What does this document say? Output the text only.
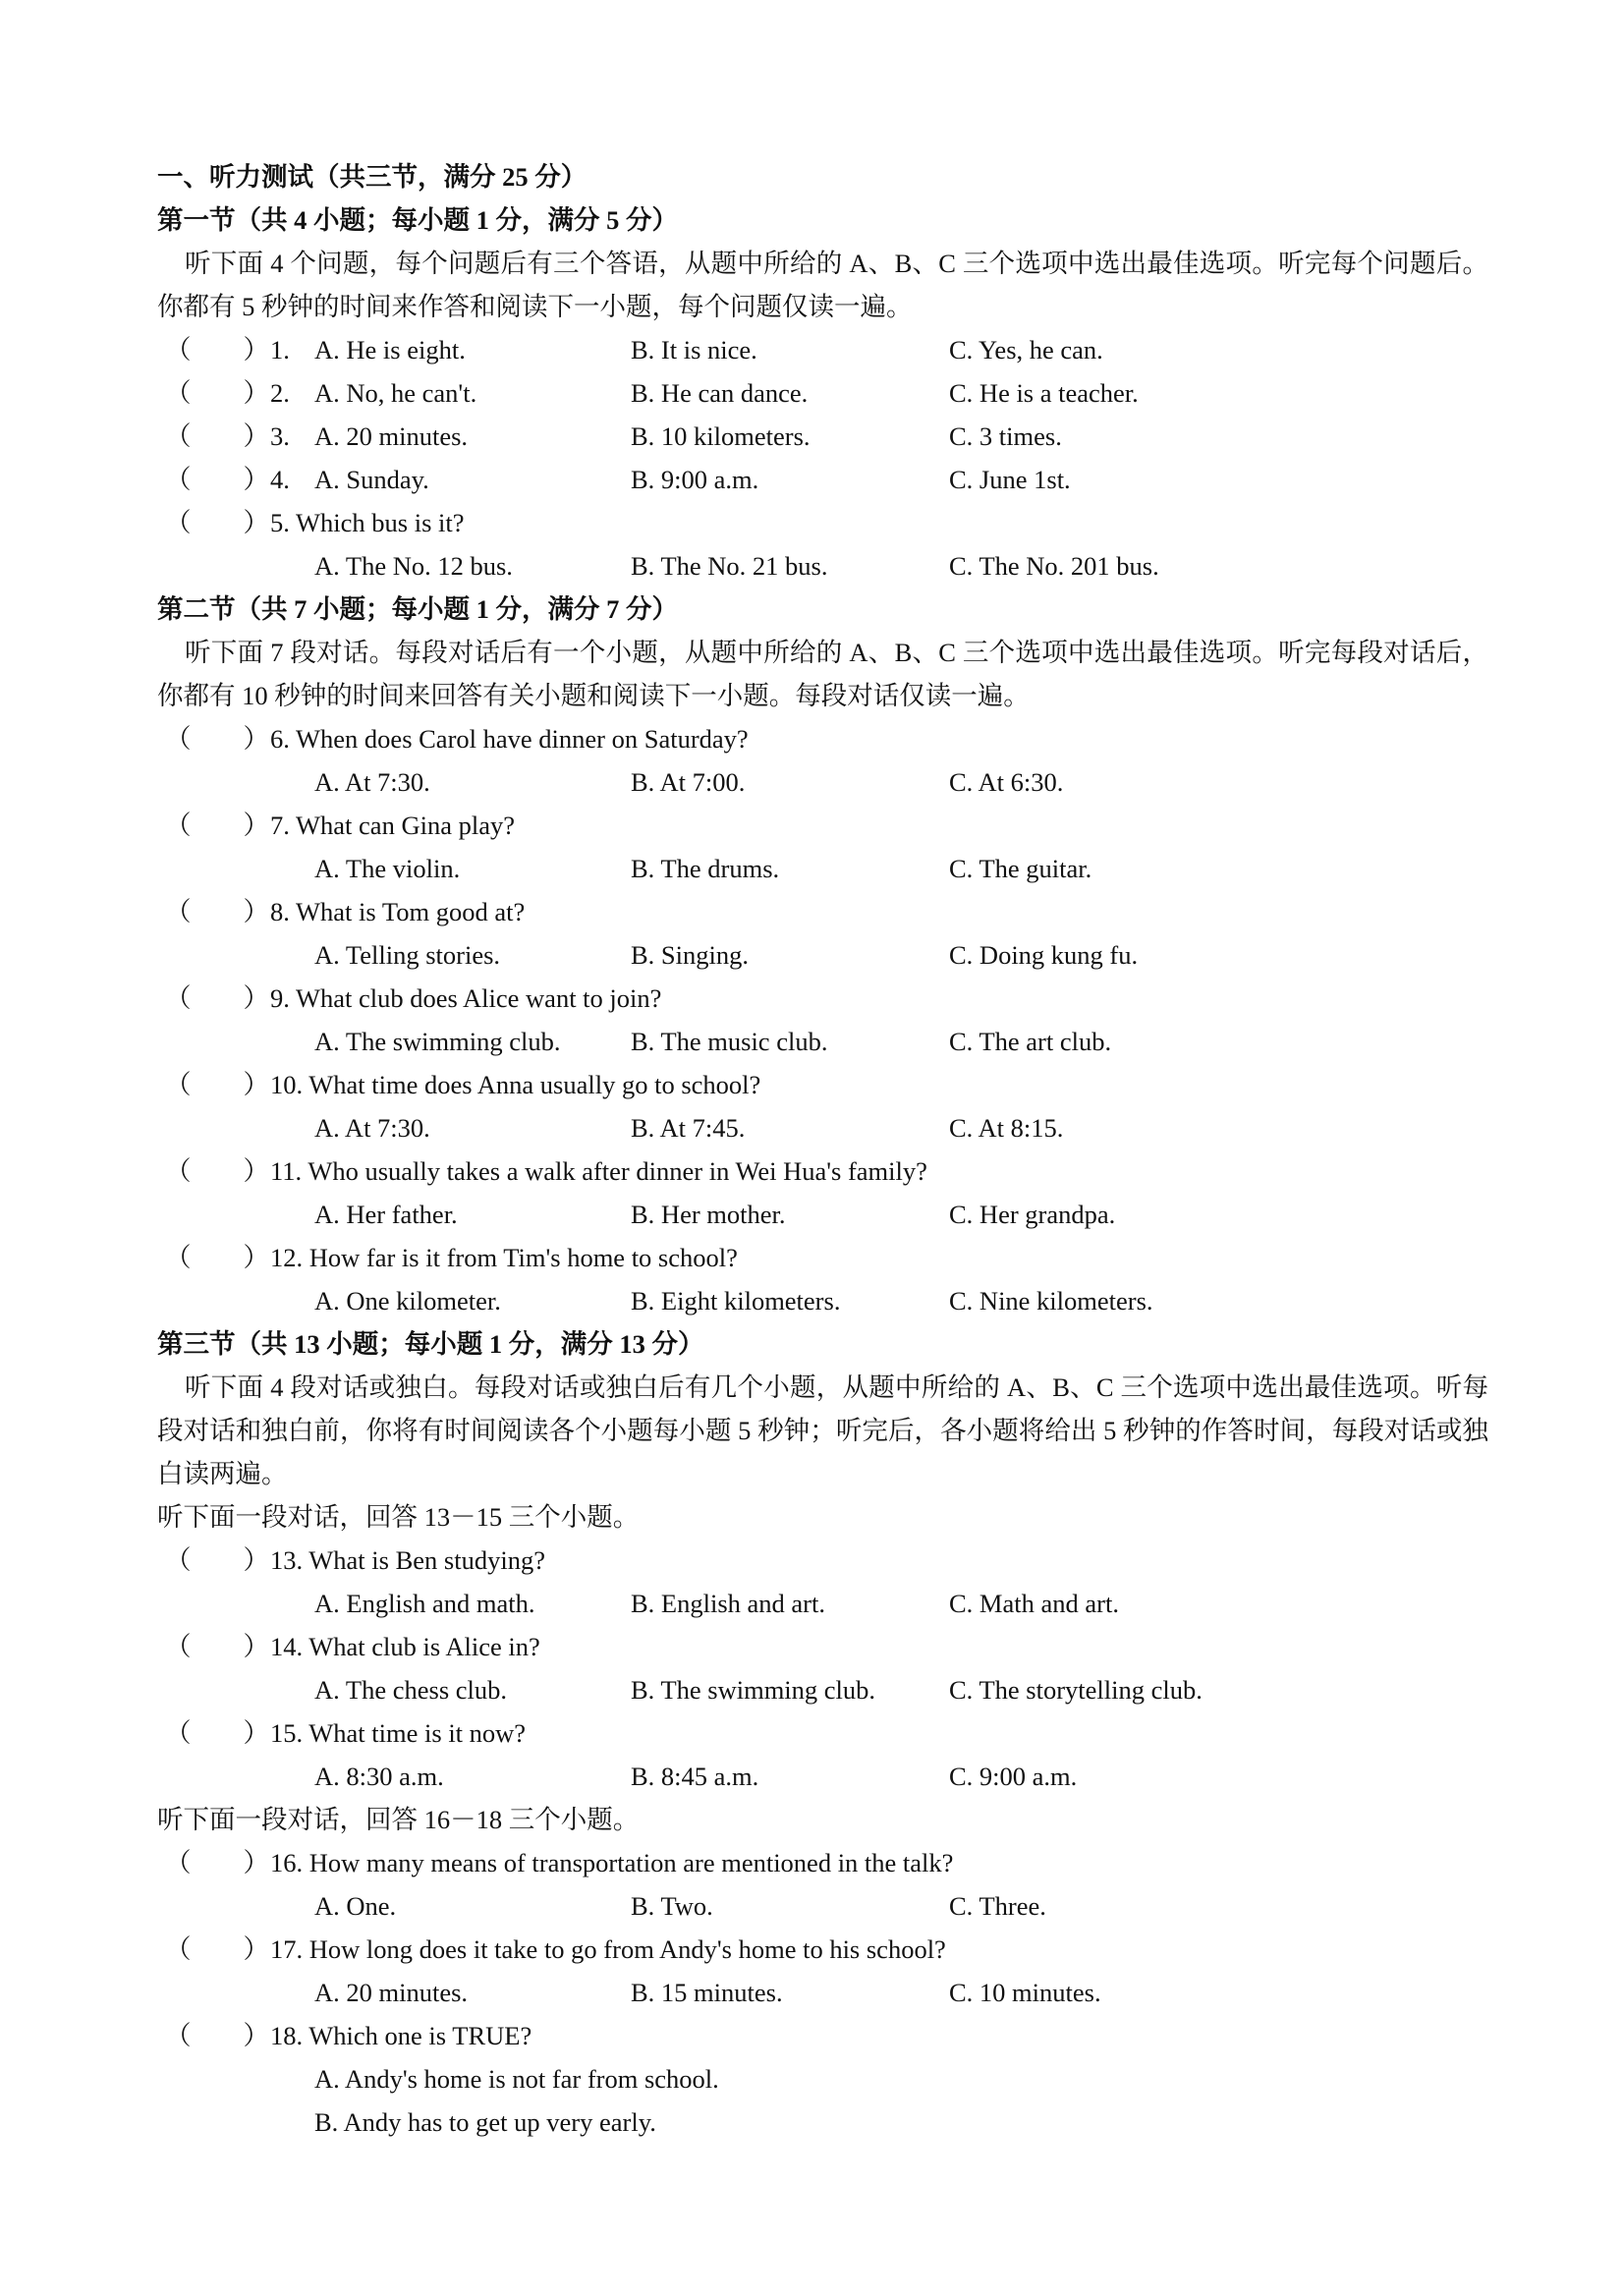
一、听力测试（共三节，满分 25 分）
第一节（共 4 小题；每小题 1 分，满分 5 分）
听下面 4 个问题，每个问题后有三个答语，从题中所给的 A、B、C 三个选项中选出最佳选项。听完每个问题后。你都有 5 秒钟的时间来作答和阅读下一小题，每个问题仅读一遍。
（　　） 1. A. He is eight.	B. It is nice.	C. Yes, he can.
（　　） 2. A. No, he can't.	B. He can dance.	C. He is a teacher.
（　　） 3. A. 20 minutes.	B. 10 kilometers.	C. 3 times.
（　　） 4. A. Sunday.	B. 9:00 a.m.	C. June 1st.
（　　） 5. Which bus is it?
A. The No. 12 bus.	B. The No. 21 bus.	C. The No. 201 bus.
第二节（共 7 小题；每小题 1 分，满分 7 分）
听下面 7 段对话。每段对话后有一个小题，从题中所给的 A、B、C 三个选项中选出最佳选项。听完每段对话后，你都有 10 秒钟的时间来回答有关小题和阅读下一小题。每段对话仅读一遍。
（　　） 6. When does Carol have dinner on Saturday?
A. At 7:30.	B. At 7:00.	C. At 6:30.
（　　） 7. What can Gina play?
A. The violin.	B. The drums.	C. The guitar.
（　　） 8. What is Tom good at?
A. Telling stories.	B. Singing.	C. Doing kung fu.
（　　） 9. What club does Alice want to join?
A. The swimming club.	B. The music club.	C. The art club.
（　　） 10. What time does Anna usually go to school?
A. At 7:30.	B. At 7:45.	C. At 8:15.
（　　） 11. Who usually takes a walk after dinner in Wei Hua's family?
A. Her father.	B. Her mother.	C. Her grandpa.
（　　） 12. How far is it from Tim's home to school?
A. One kilometer.	B. Eight kilometers.	C. Nine kilometers.
第三节（共 13 小题；每小题 1 分，满分 13 分）
听下面 4 段对话或独白。每段对话或独白后有几个小题，从题中所给的 A、B、C 三个选项中选出最佳选项。听每段对话和独白前，你将有时间阅读各个小题每小题 5 秒钟；听完后，各小题将给出 5 秒钟的作答时间，每段对话或独白读两遍。
听下面一段对话，回答 13－15 三个小题。
（　　） 13. What is Ben studying?
A. English and math.	B. English and art.	C. Math and art.
（　　） 14. What club is Alice in?
A. The chess club.	B. The swimming club.	C. The storytelling club.
（　　） 15. What time is it now?
A. 8:30 a.m.	B. 8:45 a.m.	C. 9:00 a.m.
听下面一段对话，回答 16－18 三个小题。
（　　） 16. How many means of transportation are mentioned in the talk?
A. One.	B. Two.	C. Three.
（　　） 17. How long does it take to go from Andy's home to his school?
A. 20 minutes.	B. 15 minutes.	C. 10 minutes.
（　　） 18. Which one is TRUE?
A. Andy's home is not far from school.
B. Andy has to get up very early.
